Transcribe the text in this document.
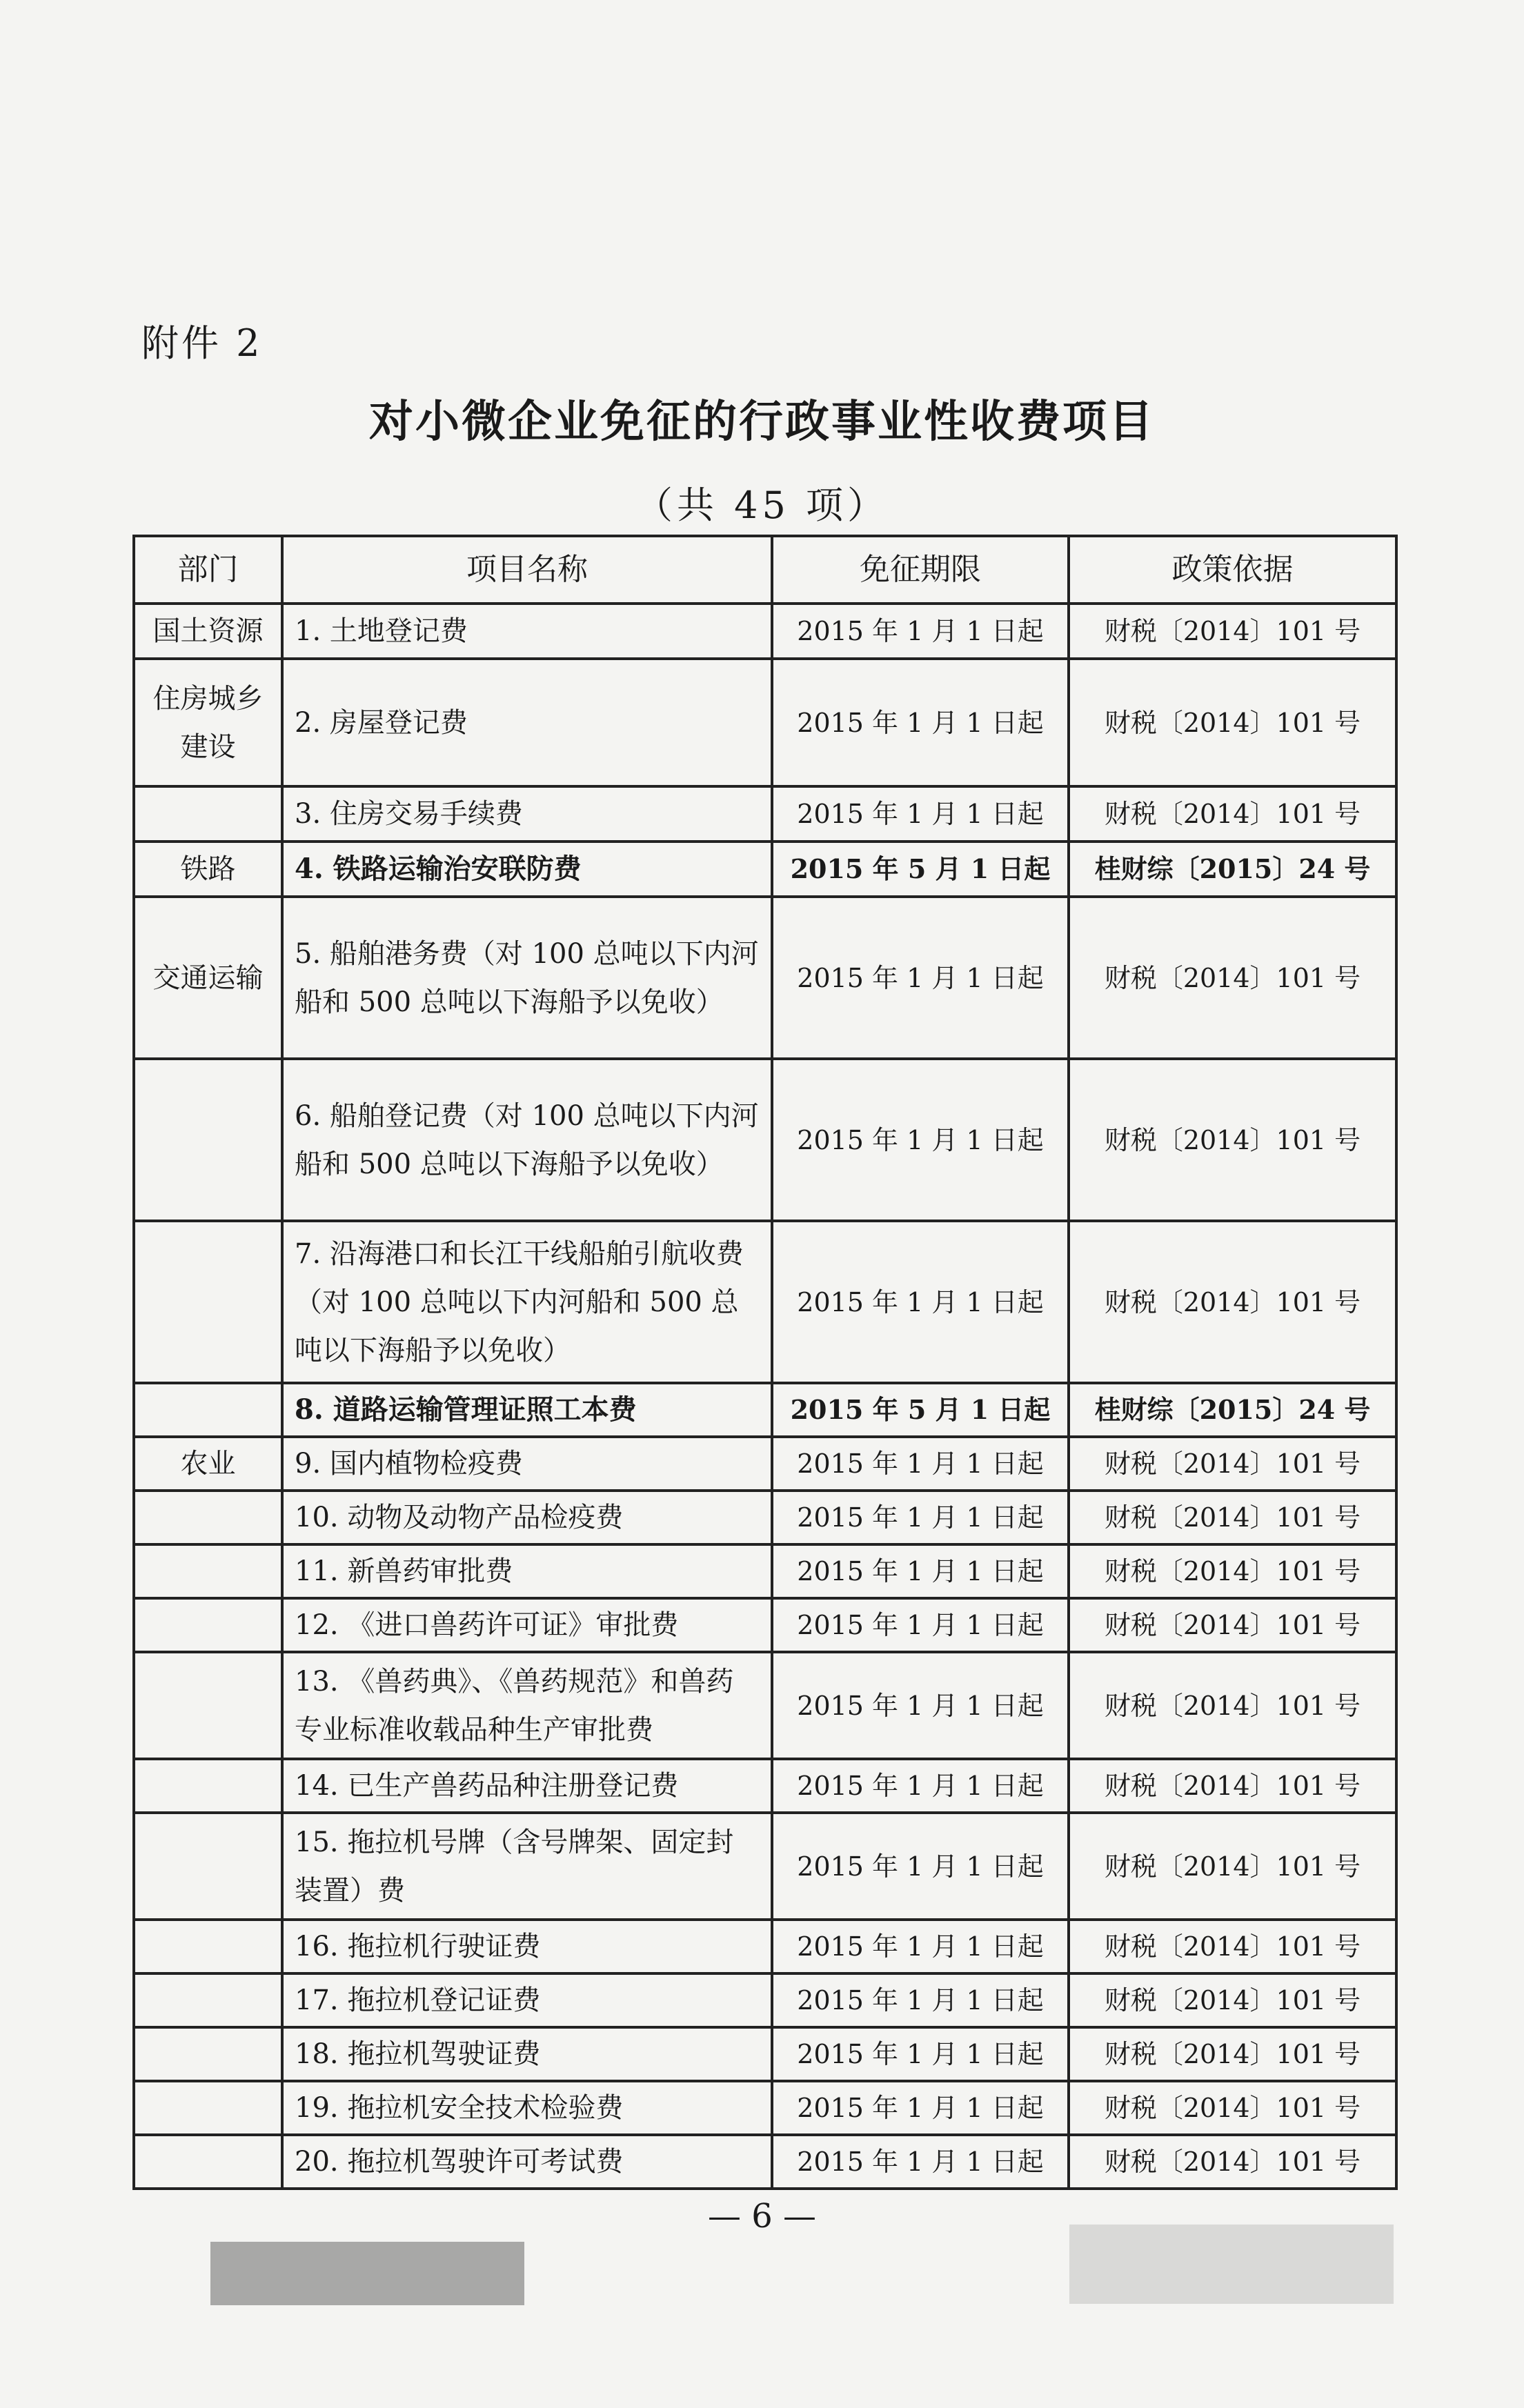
附件 2
对小微企业免征的行政事业性收费项目
（共 45 项）
部门	项目名称	免征期限	政策依据
国土资源	1. 土地登记费	2015 年 1 月 1 日起	财税〔2014〕101 号
住房城乡建设	2. 房屋登记费	2015 年 1 月 1 日起	财税〔2014〕101 号
	3. 住房交易手续费	2015 年 1 月 1 日起	财税〔2014〕101 号
铁路	4. 铁路运输治安联防费	2015 年 5 月 1 日起	桂财综〔2015〕24 号
交通运输	5. 船舶港务费（对 100 总吨以下内河船和 500 总吨以下海船予以免收）	2015 年 1 月 1 日起	财税〔2014〕101 号
	6. 船舶登记费（对 100 总吨以下内河船和 500 总吨以下海船予以免收）	2015 年 1 月 1 日起	财税〔2014〕101 号
	7. 沿海港口和长江干线船舶引航收费（对 100 总吨以下内河船和 500 总吨以下海船予以免收）	2015 年 1 月 1 日起	财税〔2014〕101 号
	8. 道路运输管理证照工本费	2015 年 5 月 1 日起	桂财综〔2015〕24 号
农业	9. 国内植物检疫费	2015 年 1 月 1 日起	财税〔2014〕101 号
	10. 动物及动物产品检疫费	2015 年 1 月 1 日起	财税〔2014〕101 号
	11. 新兽药审批费	2015 年 1 月 1 日起	财税〔2014〕101 号
	12. 《进口兽药许可证》审批费	2015 年 1 月 1 日起	财税〔2014〕101 号
	13. 《兽药典》、《兽药规范》和兽药专业标准收载品种生产审批费	2015 年 1 月 1 日起	财税〔2014〕101 号
	14. 已生产兽药品种注册登记费	2015 年 1 月 1 日起	财税〔2014〕101 号
	15. 拖拉机号牌（含号牌架、固定封装置）费	2015 年 1 月 1 日起	财税〔2014〕101 号
	16. 拖拉机行驶证费	2015 年 1 月 1 日起	财税〔2014〕101 号
	17. 拖拉机登记证费	2015 年 1 月 1 日起	财税〔2014〕101 号
	18. 拖拉机驾驶证费	2015 年 1 月 1 日起	财税〔2014〕101 号
	19. 拖拉机安全技术检验费	2015 年 1 月 1 日起	财税〔2014〕101 号
	20. 拖拉机驾驶许可考试费	2015 年 1 月 1 日起	财税〔2014〕101 号
— 6 —
